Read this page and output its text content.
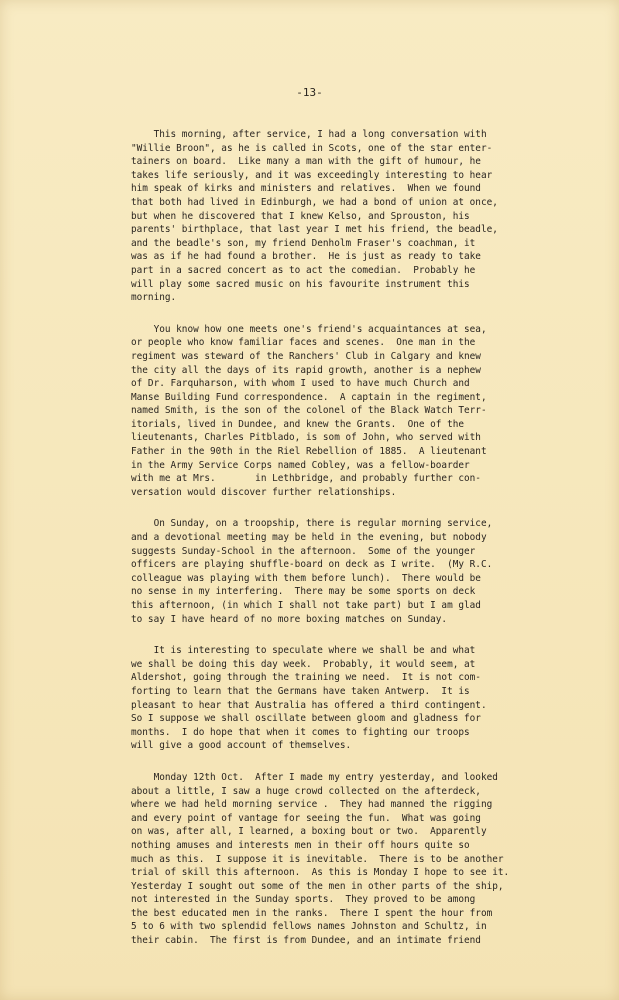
-13-
This morning, after service, I had a long conversation with
"Willie Broon", as he is called in Scots, one of the star enter-
tainers on board.  Like many a man with the gift of humour, he
takes life seriously, and it was exceedingly interesting to hear
him speak of kirks and ministers and relatives.  When we found
that both had lived in Edinburgh, we had a bond of union at once,
but when he discovered that I knew Kelso, and Sprouston, his
parents' birthplace, that last year I met his friend, the beadle,
and the beadle's son, my friend Denholm Fraser's coachman, it
was as if he had found a brother.  He is just as ready to take
part in a sacred concert as to act the comedian.  Probably he
will play some sacred music on his favourite instrument this
morning.
You know how one meets one's friend's acquaintances at sea,
or people who know familiar faces and scenes.  One man in the
regiment was steward of the Ranchers' Club in Calgary and knew
the city all the days of its rapid growth, another is a nephew
of Dr. Farquharson, with whom I used to have much Church and
Manse Building Fund correspondence.  A captain in the regiment,
named Smith, is the son of the colonel of the Black Watch Terr-
itorials, lived in Dundee, and knew the Grants.  One of the
lieutenants, Charles Pitblado, is som of John, who served with
Father in the 90th in the Riel Rebellion of 1885.  A lieutenant
in the Army Service Corps named Cobley, was a fellow-boarder
with me at Mrs.       in Lethbridge, and probably further con-
versation would discover further relationships.
On Sunday, on a troopship, there is regular morning service,
and a devotional meeting may be held in the evening, but nobody
suggests Sunday-School in the afternoon.  Some of the younger
officers are playing shuffle-board on deck as I write.  (My R.C.
colleague was playing with them before lunch).  There would be
no sense in my interfering.  There may be some sports on deck
this afternoon, (in which I shall not take part) but I am glad
to say I have heard of no more boxing matches on Sunday.
It is interesting to speculate where we shall be and what
we shall be doing this day week.  Probably, it would seem, at
Aldershot, going through the training we need.  It is not com-
forting to learn that the Germans have taken Antwerp.  It is
pleasant to hear that Australia has offered a third contingent.
So I suppose we shall oscillate between gloom and gladness for
months.  I do hope that when it comes to fighting our troops
will give a good account of themselves.
Monday 12th Oct.  After I made my entry yesterday, and looked
about a little, I saw a huge crowd collected on the afterdeck,
where we had held morning service .  They had manned the rigging
and every point of vantage for seeing the fun.  What was going
on was, after all, I learned, a boxing bout or two.  Apparently
nothing amuses and interests men in their off hours quite so
much as this.  I suppose it is inevitable.  There is to be another
trial of skill this afternoon.  As this is Monday I hope to see it.
Yesterday I sought out some of the men in other parts of the ship,
not interested in the Sunday sports.  They proved to be among
the best educated men in the ranks.  There I spent the hour from
5 to 6 with two splendid fellows names Johnston and Schultz, in
their cabin.  The first is from Dundee, and an intimate friend
